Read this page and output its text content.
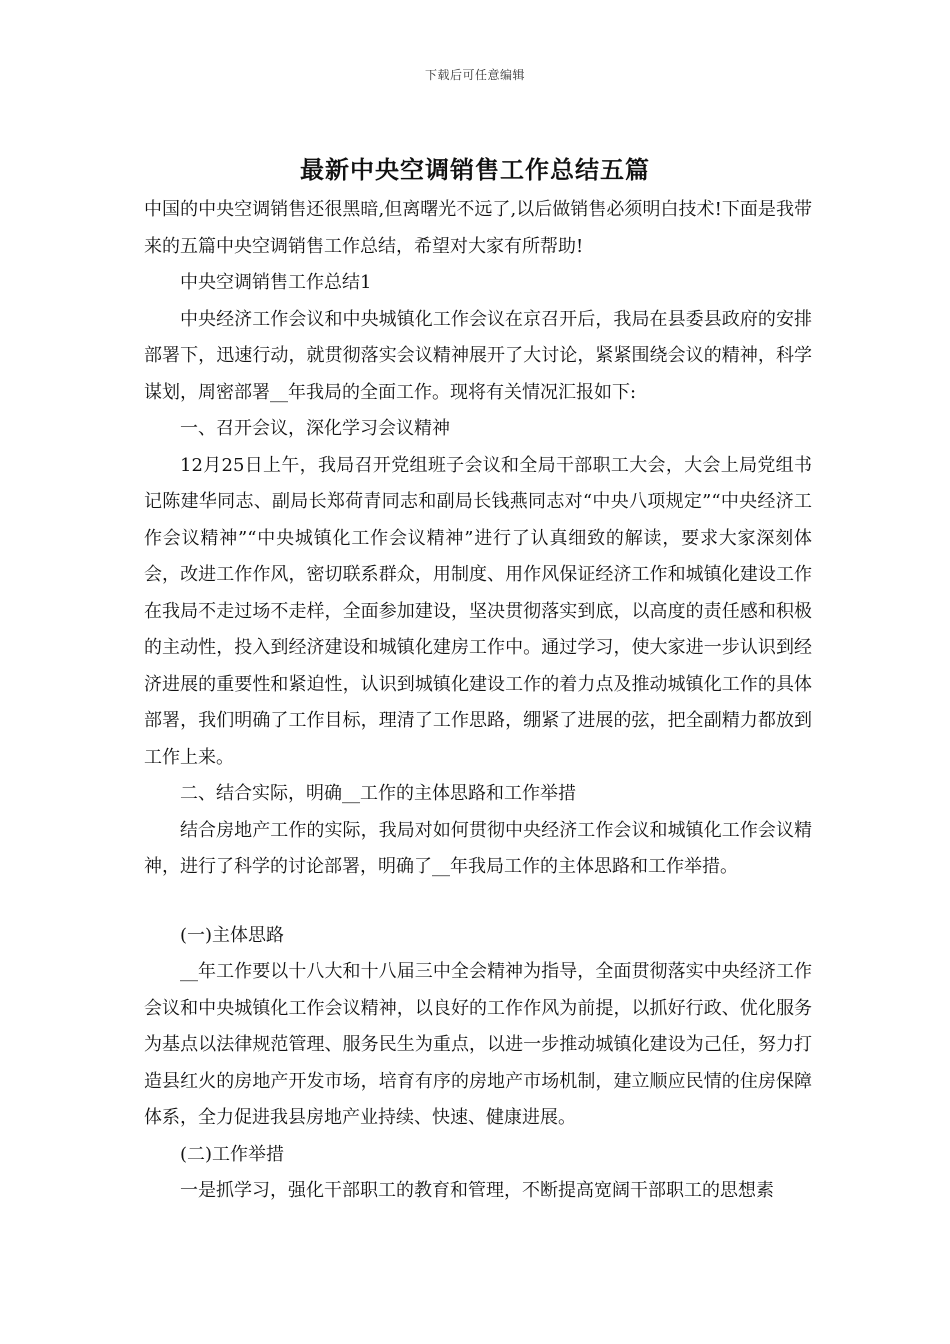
下载后可任意编辑
最新中央空调销售工作总结五篇

中国的中央空调销售还很黑暗,但离曙光不远了,以后做销售必须明白技术!下面是我带来的五篇中央空调销售工作总结，希望对大家有所帮助!

中央空调销售工作总结1

中央经济工作会议和中央城镇化工作会议在京召开后，我局在县委县政府的安排部署下，迅速行动，就贯彻落实会议精神展开了大讨论，紧紧围绕会议的精神，科学谋划，周密部署__年我局的全面工作。现将有关情况汇报如下:

一、召开会议，深化学习会议精神

12月25日上午，我局召开党组班子会议和全局干部职工大会，大会上局党组书记陈建华同志、副局长郑荷青同志和副局长钱燕同志对“中央八项规定”“中央经济工作会议精神”“中央城镇化工作会议精神”进行了认真细致的解读，要求大家深刻体会，改进工作作风，密切联系群众，用制度、用作风保证经济工作和城镇化建设工作在我局不走过场不走样，全面参加建设，坚决贯彻落实到底，以高度的责任感和积极的主动性，投入到经济建设和城镇化建房工作中。通过学习，使大家进一步认识到经济进展的重要性和紧迫性，认识到城镇化建设工作的着力点及推动城镇化工作的具体部署，我们明确了工作目标，理清了工作思路，绷紧了进展的弦，把全副精力都放到工作上来。

二、结合实际，明确__工作的主体思路和工作举措

结合房地产工作的实际，我局对如何贯彻中央经济工作会议和城镇化工作会议精神，进行了科学的讨论部署，明确了__年我局工作的主体思路和工作举措。

(一)主体思路

__年工作要以十八大和十八届三中全会精神为指导，全面贯彻落实中央经济工作会议和中央城镇化工作会议精神，以良好的工作作风为前提，以抓好行政、优化服务为基点以法律规范管理、服务民生为重点，以进一步推动城镇化建设为己任，努力打造县红火的房地产开发市场，培育有序的房地产市场机制，建立顺应民情的住房保障体系，全力促进我县房地产业持续、快速、健康进展。

(二)工作举措

一是抓学习，强化干部职工的教育和管理，不断提高宽阔干部职工的思想素
